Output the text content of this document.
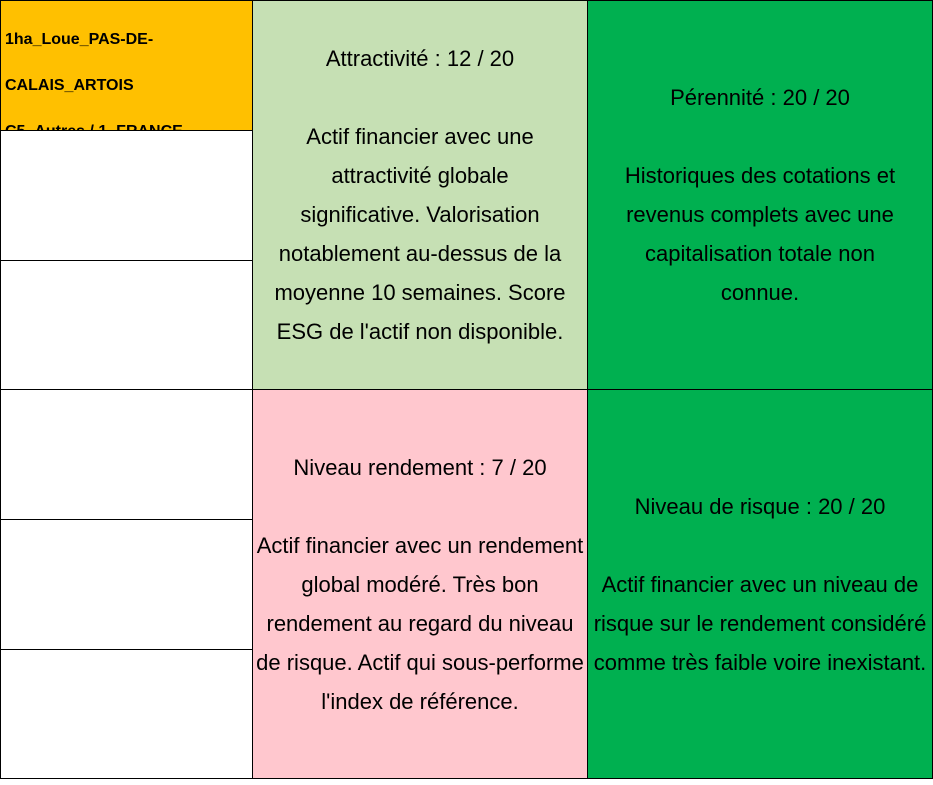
1ha_Loue_PAS-DE-

CALAIS_ARTOIS

Attractivité : 12 / 20
Actif financier avec une attractivité globale significative. Valorisation notablement au-dessus de la moyenne 10 semaines. Score ESG de l'actif non disponible.
Pérennité : 20 / 20
Historiques des cotations et revenus complets avec une capitalisation totale non connue.
Niveau rendement : 7 / 20
Actif financier avec un rendement global modéré. Très bon rendement au regard du niveau de risque. Actif qui sous-performe l'index de référence.
Niveau de risque : 20 / 20
Actif financier avec un niveau de risque sur le rendement considéré comme très faible voire inexistant.
